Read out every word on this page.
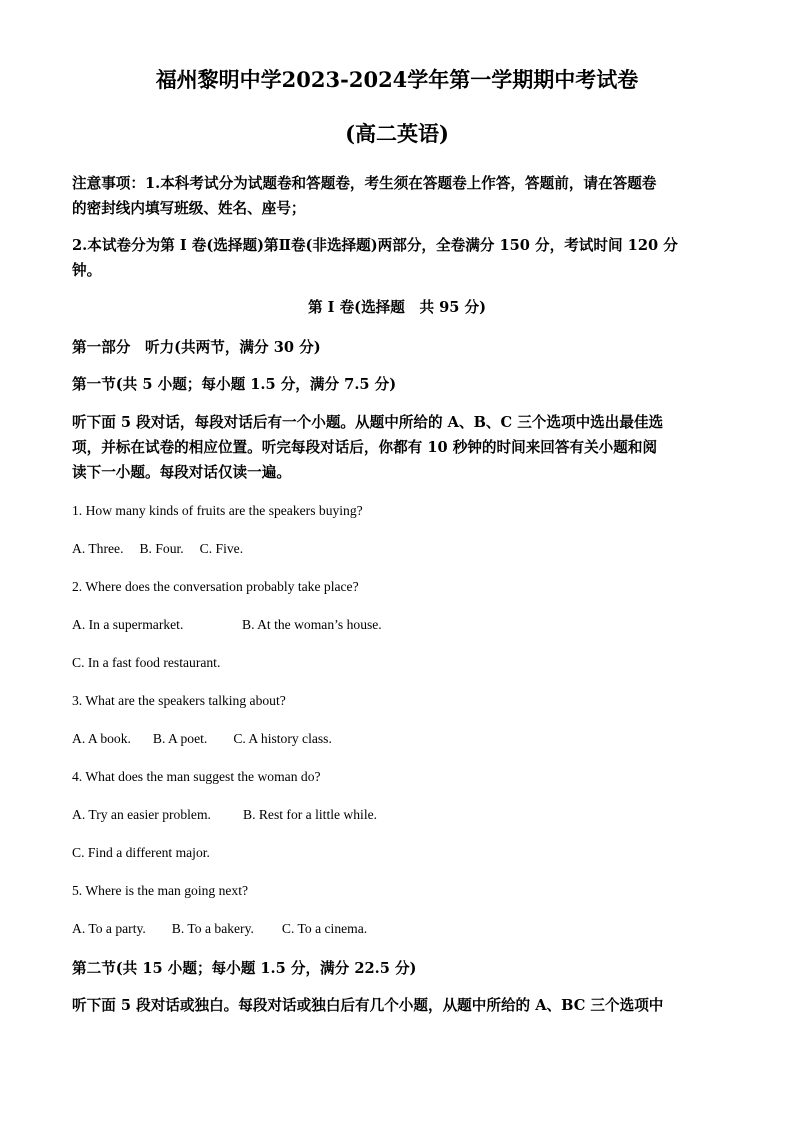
福州黎明中学2023-2024学年第一学期期中考试卷
(高二英语)

注意事项：1.本科考试分为试题卷和答题卷，考生须在答题卷上作答，答题前，请在答题卷

的密封线内填写班级、姓名、座号；

2.本试卷分为第 I 卷(选择题)第Ⅱ卷(非选择题)两部分，全卷满分 150 分，考试时间 120 分

钟。

第 I 卷(选择题　共 95 分)

第一部分　听力(共两节，满分 30 分)

第一节(共 5 小题；每小题 1.5 分，满分 7.5 分)

听下面 5 段对话，每段对话后有一个小题。从题中所给的 A、B、C 三个选项中选出最佳选

项，并标在试卷的相应位置。听完每段对话后，你都有 10 秒钟的时间来回答有关小题和阅

读下一小题。每段对话仅读一遍。

1. How many kinds of fruits are the speakers buying?

A. Three. B. Four. C. Five.

2. Where does the conversation probably take place?

A. In a supermarket.	B. At the woman’s house.

C. In a fast food restaurant.

3. What are the speakers talking about?

A. A book. B. A poet. C. A history class.

4. What does the man suggest the woman do?

A. Try an easier problem. B. Rest for a little while.

C. Find a different major.

5. Where is the man going next?

A. To a party. B. To a bakery. C. To a cinema.

第二节(共 15 小题；每小题 1.5 分，满分 22.5 分)

听下面 5 段对话或独白。每段对话或独白后有几个小题，从题中所给的 A、BC 三个选项中
